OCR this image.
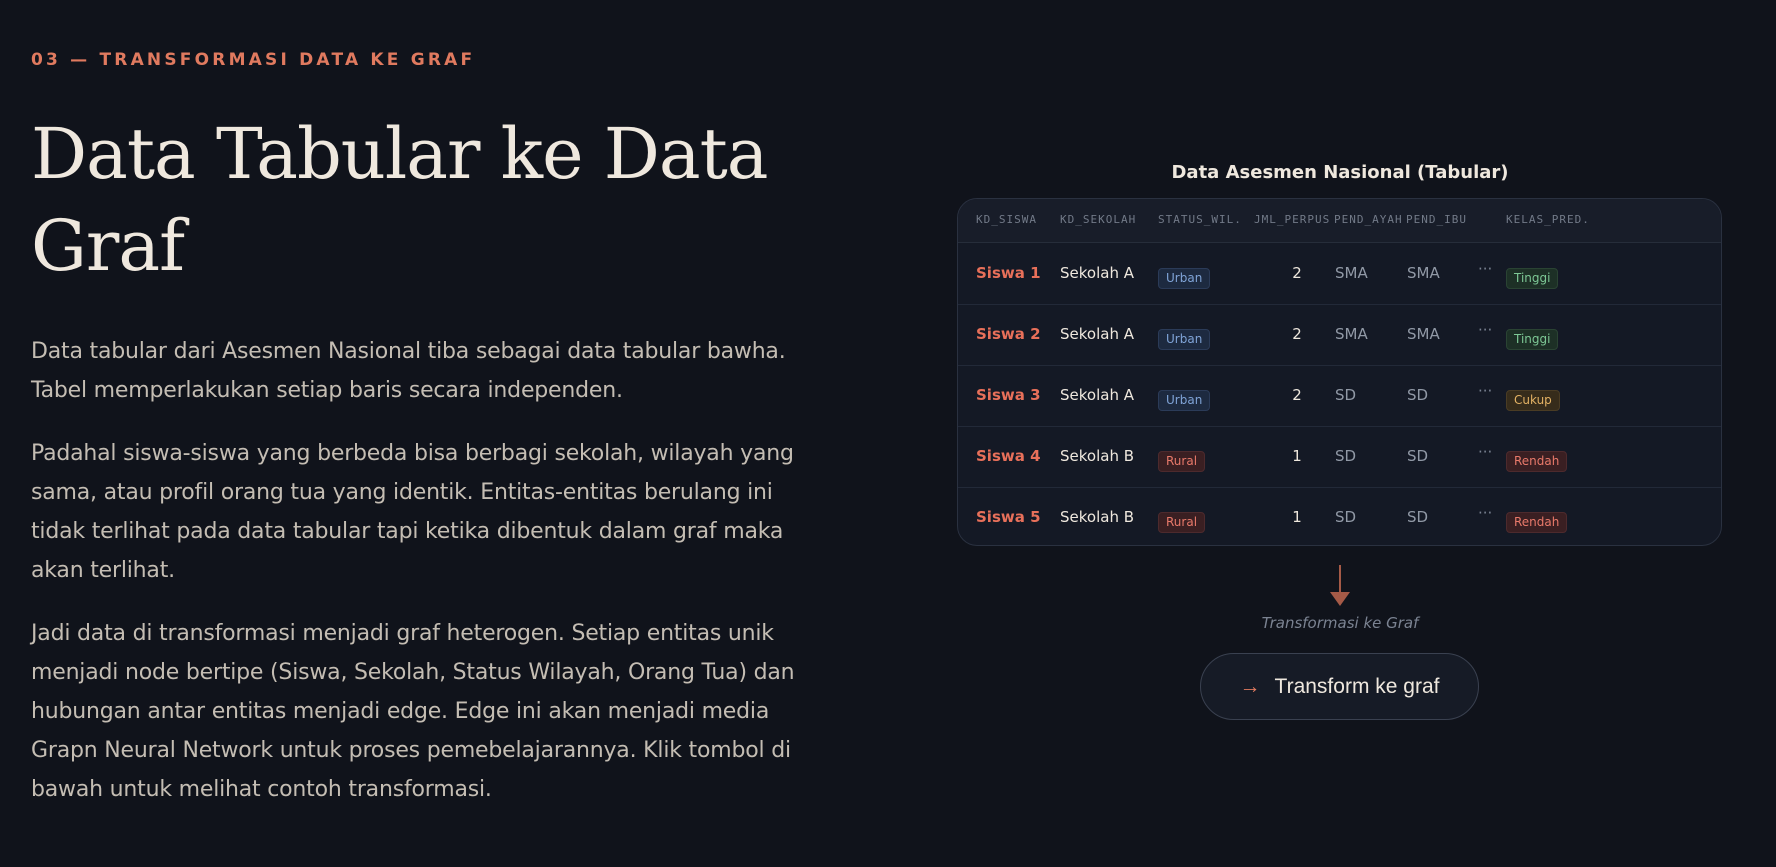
03 — TRANSFORMASI DATA KE GRAF
Data Tabular ke Data Graf

Data tabular dari Asesmen Nasional tiba sebagai data tabular bawha. Tabel memperlakukan setiap baris secara independen.

Padahal siswa-siswa yang berbeda bisa berbagi sekolah, wilayah yang sama, atau profil orang tua yang identik. Entitas-entitas berulang ini tidak terlihat pada data tabular tapi ketika dibentuk dalam graf maka akan terlihat.

Jadi data di transformasi menjadi graf heterogen. Setiap entitas unik menjadi node bertipe (Siswa, Sekolah, Status Wilayah, Orang Tua) dan hubungan antar entitas menjadi edge. Edge ini akan menjadi media Grapn Neural Network untuk proses pemebelajarannya. Klik tombol di bawah untuk melihat contoh transformasi.

Data Asesmen Nasional (Tabular)
KD_SISWA KD_SEKOLAH STATUS_WIL. JML_PERPUS PEND_AYAH PEND_IBU	KELAS_PRED.
Siswa 1 Sekolah A	Urban	2 SMA	SMA	···	Tinggi
Siswa 2 Sekolah A	Urban	2 SMA	SMA	···	Tinggi
Siswa 3 Sekolah A	Urban	2 SD	SD	···	Cukup
Siswa 4 Sekolah B	Rural	1 SD	SD	···	Rendah
Siswa 5 Sekolah B	Rural	1 SD	SD	···	Rendah
Transformasi ke Graf
→ Transform ke graf
